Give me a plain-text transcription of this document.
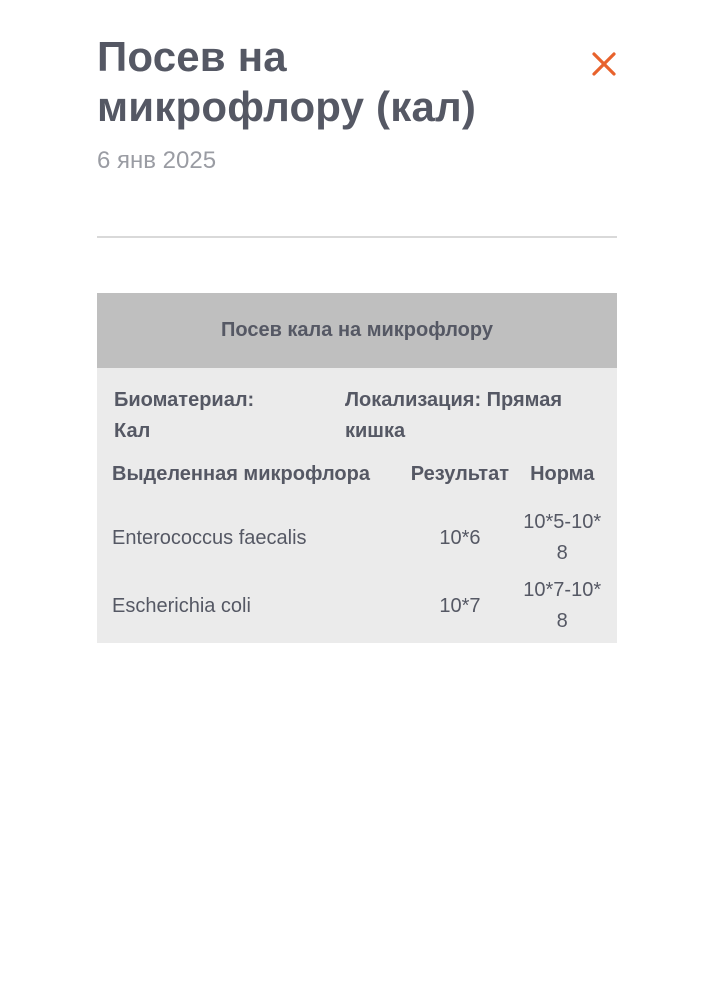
Посев на микрофлору (кал)
6 янв 2025
Посев кала на микрофлору
Биоматериал:
Кал
Локализация: Прямая кишка
Выделенная микрофлора	Результат	Норма
Enterococcus faecalis	10*6	10*5-10*8
Escherichia coli	10*7	10*7-10*8
